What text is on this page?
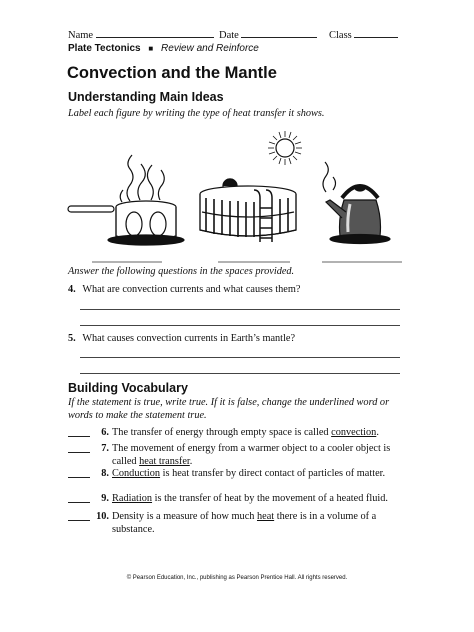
Name	Date	Class
Plate Tectonics ■ Review and Reinforce
Convection and the Mantle
Understanding Main Ideas
Label each figure by writing the type of heat transfer it shows.
Answer the following questions in the spaces provided.
4. What are convection currents and what causes them?
5. What causes convection currents in Earth’s mantle?
Building Vocabulary
If the statement is true, write true. If it is false, change the underlined word or words to make the statement true.
6. The transfer of energy through empty space is called convection.
7. The movement of energy from a warmer object to a cooler object is called heat transfer.
8. Conduction is heat transfer by direct contact of particles of matter.
9. Radiation is the transfer of heat by the movement of a heated fluid.
10. Density is a measure of how much heat there is in a volume of a substance.
© Pearson Education, Inc., publishing as Pearson Prentice Hall. All rights reserved.
